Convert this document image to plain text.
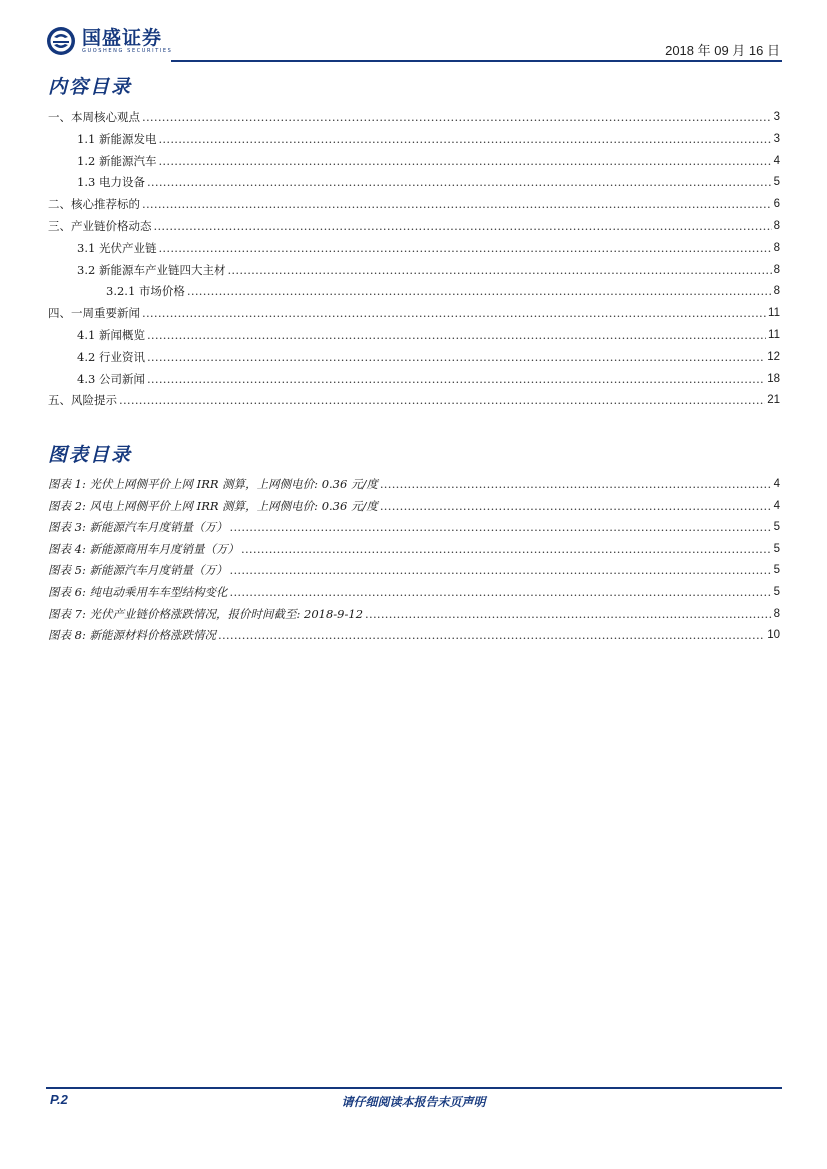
国盛证券
GUOSHENG SECURITIES	2018 年 09 月 16 日
内容目录
一、本周核心观点 .....	3
1.1 新能源发电 .....	3
1.2 新能源汽车 .....	4
1.3 电力设备 .....	5
二、核心推荐标的 .....	6
三、产业链价格动态 .....	8
3.1 光伏产业链 .....	8
3.2 新能源车产业链四大主材 .....	8
3.2.1 市场价格 .....	8
四、一周重要新闻 .....	11
4.1 新闻概览 .....	11
4.2 行业资讯 .....	12
4.3 公司新闻 .....	18
五、风险提示 .....	21
图表目录
图表 1: 光伏上网侧平价上网 IRR 测算，上网侧电价: 0.36 元/度 .....	4
图表 2: 风电上网侧平价上网 IRR 测算，上网侧电价: 0.36 元/度 .....	4
图表 3: 新能源汽车月度销量（万） .....	5
图表 4: 新能源商用车月度销量（万） .....	5
图表 5: 新能源汽车月度销量（万） .....	5
图表 6: 纯电动乘用车车型结构变化 .....	5
图表 7: 光伏产业链价格涨跌情况，报价时间截至: 2018-9-12 .....	8
图表 8: 新能源材料价格涨跌情况 .....	10
P.2	请仔细阅读本报告末页声明
